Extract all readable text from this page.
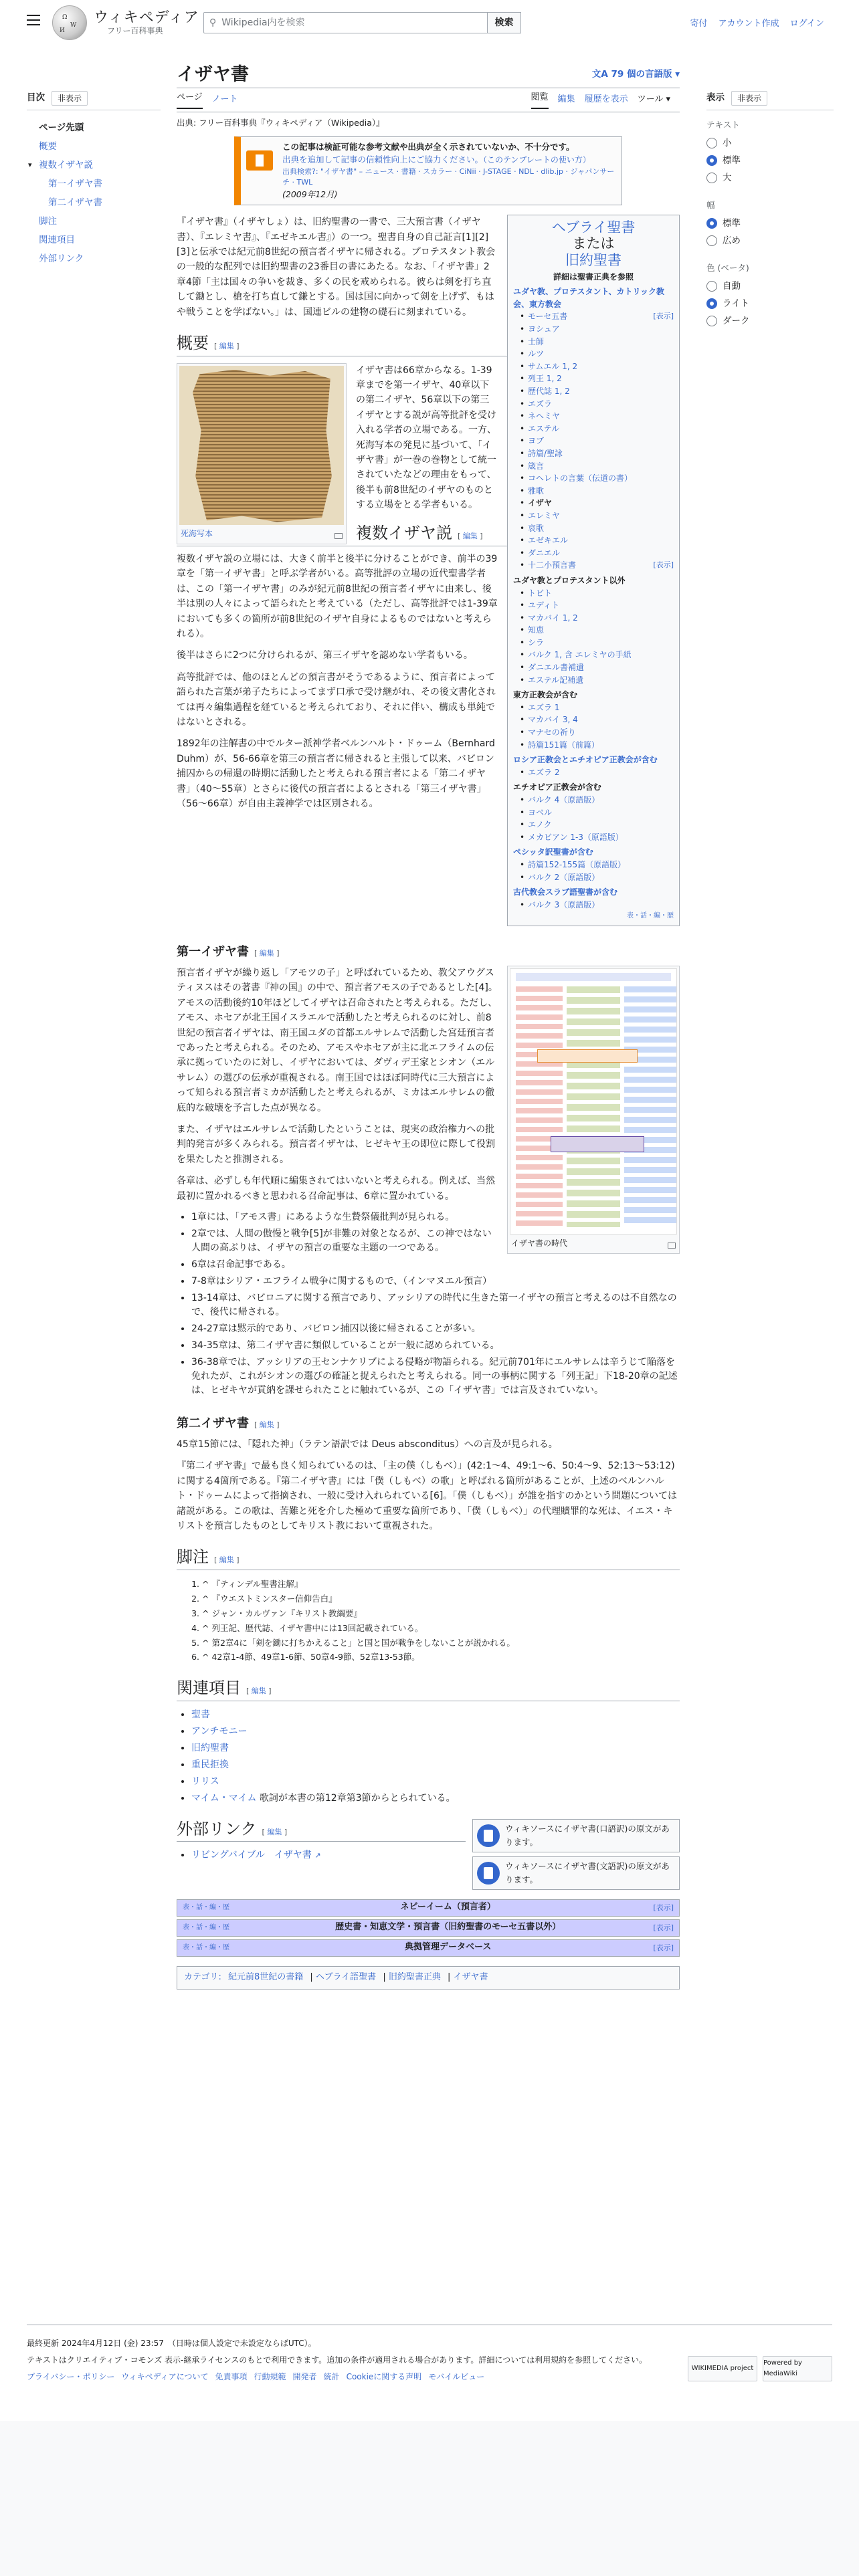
Ω
W
И
ウィキペディア
フリー百科事典
⚲ Wikipedia内を検索	検索	寄付 アカウント作成 ログイン
目次	非表示
ページ先頭
概要
▾ 複数イザヤ説
第一イザヤ書
第二イザヤ書
脚注
関連項目
外部リンク
表示	非表示
テキスト
小
標準
大
幅
標準
広め
色 (ベータ)
自動
ライト
ダーク
イザヤ書	文A 79 個の言語版 ▾
ページ ノート	閲覧 編集 履歴を表示 ツール ▾
出典: フリー百科事典『ウィキペディア（Wikipedia）』
この記事は検証可能な参考文献や出典が全く示されていないか、不十分です。
出典を追加して記事の信頼性向上にご協力ください。（このテンプレートの使い方）
出典検索?: "イザヤ書" – ニュース · 書籍 · スカラー · CiNii · J-STAGE · NDL · dlib.jp · ジャパンサーチ · TWL
(2009年12月)
ヘブライ聖書
または
旧約聖書
詳細は聖書正典を参照
ユダヤ教、プロテスタント、カトリック教会、東方教会
• モーセ五書	[表示]
• ヨシュア
• 士師
• ルツ
• サムエル 1, 2
• 列王 1, 2
• 歴代誌 1, 2
• エズラ
• ネヘミヤ
• エステル
• ヨブ
• 詩篇/聖詠
• 箴言
• コヘレトの言葉（伝道の書）
• 雅歌
• イザヤ
• エレミヤ
• 哀歌
• エゼキエル
• ダニエル
• 十二小預言書	[表示]
ユダヤ教とプロテスタント以外
• トビト
• ユディト
• マカバイ 1, 2
• 知恵
• シラ
• バルク 1, 含 エレミヤの手紙
• ダニエル書補遺
• エステル記補遺
東方正教会が含む
• エズラ 1
• マカバイ 3, 4
• マナセの祈り
• 詩篇151篇（前篇）
ロシア正教会とエチオピア正教会が含む
• エズラ 2
エチオピア正教会が含む
• バルク 4（原語版）
• ヨベル
• エノク
• メカビアン 1-3（原語版）
ペシッタ訳聖書が含む
• 詩篇152-155篇（原語版）
• バルク 2（原語版）
古代教会スラブ語聖書が含む
• バルク 3（原語版）
表・話・編・歴

『イザヤ書』（イザヤしょ）は、旧約聖書の一書で、三大預言書（イザヤ書）、『エレミヤ書』、『エゼキエル書』）の一つ。聖書自身の自己証言[1][2][3]と伝承では紀元前8世紀の預言者イザヤに帰される。プロテスタント教会の一般的な配列では旧約聖書の23番目の書にあたる。なお、「イザヤ書」2章4節「主は国々の争いを裁き、多くの民を戒められる。彼らは剣を打ち直して鋤とし、槍を打ち直して鎌とする。国は国に向かって剣を上げず、もはや戦うことを学ばない。」は、国連ビルの建物の礎石に刻まれている。

概要 [ 編集 ]
死海写本

イザヤ書は66章からなる。1-39章までを第一イザヤ、40章以下の第二イザヤ、56章以下の第三イザヤとする説が高等批評を受け入れる学者の立場である。一方、死海写本の発見に基づいて、「イザヤ書」が一巻の巻物として統一されていたなどの理由をもって、後半も前8世紀のイザヤのものとする立場をとる学者もいる。

複数イザヤ説 [ 編集 ]

複数イザヤ説の立場には、大きく前半と後半に分けることができ、前半の39章を「第一イザヤ書」と呼ぶ学者がいる。高等批評の立場の近代聖書学者は、この「第一イザヤ書」のみが紀元前8世紀の預言者イザヤに由来し、後半は別の人々によって語られたと考えている（ただし、高等批評では1-39章においても多くの箇所が前8世紀のイザヤ自身によるものではないと考えられる）。

後半はさらに2つに分けられるが、第三イザヤを認めない学者もいる。

高等批評では、他のほとんどの預言書がそうであるように、預言者によって語られた言葉が弟子たちによってまず口承で受け継がれ、その後文書化されては再々編集過程を経ていると考えられており、それに伴い、構成も単純ではないとされる。

1892年の注解書の中でルター派神学者ベルンハルト・ドゥーム（Bernhard Duhm）が、56-66章を第三の預言者に帰されると主張して以来、バビロン捕囚からの帰還の時期に活動したと考えられる預言者による「第二イザヤ書」（40〜55章）とさらに後代の預言者によるとされる「第三イザヤ書」（56〜66章）が自由主義神学では区別される。

第一イザヤ書 [ 編集 ]
イザヤ書の時代

預言者イザヤが繰り返し「アモツの子」と呼ばれているため、教父アウグスティヌスはその著書『神の国』の中で、預言者アモスの子であるとした[4]。アモスの活動後約10年ほどしてイザヤは召命されたと考えられる。ただし、アモス、ホセアが北王国イスラエルで活動したと考えられるのに対し、前8世紀の預言者イザヤは、南王国ユダの首都エルサレムで活動した宮廷預言者であったと考えられる。そのため、アモスやホセアが主に北エフライムの伝承に拠っていたのに対し、イザヤにおいては、ダヴィデ王家とシオン（エルサレム）の選びの伝承が重視される。南王国ではほぼ同時代に三大預言によって知られる預言者ミカが活動したと考えられるが、ミカはエルサレムの徹底的な破壊を予言した点が異なる。

また、イザヤはエルサレムで活動したということは、現実の政治権力への批判的発言が多くみられる。預言者イザヤは、ヒゼキヤ王の即位に際して役割を果たしたと推測される。

各章は、必ずしも年代順に編集されてはいないと考えられる。例えば、当然最初に置かれるべきと思われる召命記事は、6章に置かれている。

• 1章には、「アモス書」にあるような生贄祭儀批判が見られる。
• 2章では、人間の傲慢と戦争[5]が非難の対象となるが、この神ではない人間の高ぶりは、イザヤの預言の重要な主題の一つである。
• 6章は召命記事である。
• 7-8章はシリア・エフライム戦争に関するもので、（インマヌエル預言）
• 13-14章は、バビロニアに関する預言であり、アッシリアの時代に生きた第一イザヤの預言と考えるのは不自然なので、後代に帰される。
• 24-27章は黙示的であり、バビロン捕囚以後に帰されることが多い。
• 34-35章は、第二イザヤ書に類似していることが一般に認められている。
• 36-38章では、アッシリアの王センナケリブによる侵略が物語られる。紀元前701年にエルサレムは辛うじて陥落を免れたが、これがシオンの選びの確証と捉えられたと考えられる。同一の事柄に関する「列王記」下18-20章の記述は、ヒゼキヤが貢納を課せられたことに触れているが、この「イザヤ書」では言及されていない。
第二イザヤ書 [ 編集 ]

45章15節には、「隠れた神」（ラテン語訳では Deus absconditus）への言及が見られる。

『第二イザヤ書』で最も良く知られているのは、「主の僕（しもべ）」(42:1〜4、49:1〜6、50:4〜9、52:13〜53:12) に関する4箇所である。『第二イザヤ書』には「僕（しもべ）の歌」と呼ばれる箇所があることが、上述のベルンハルト・ドゥームによって指摘され、一般に受け入れられている[6]。「僕（しもべ）」が誰を指すのかという問題については諸説がある。この歌は、苦難と死を介した極めて重要な箇所であり、「僕（しもべ）」の代理贖罪的な死は、イエス・キリストを預言したものとしてキリスト教において重視された。

脚注 [ 編集 ]
1. ^ 『ティンデル聖書注解』
2. ^ 『ウエストミンスター信仰告白』
3. ^ ジャン・カルヴァン『キリスト教綱要』
4. ^ 列王記、歴代誌、イザヤ書中には13回記載されている。
5. ^ 第2章4に「剣を鋤に打ちかえること」と国と国が戦争をしないことが説かれる。
6. ^ 42章1-4節、49章1-6節、50章4-9節、52章13-53節。
関連項目 [ 編集 ]
• 聖書
• アンチモニー
• 旧約聖書
• 重民拒換
• リリス
• マイム・マイム 歌詞が本書の第12章第3節からとられている。
ウィキソースにイザヤ書(口語訳)の原文があります。
ウィキソースにイザヤ書(文語訳)の原文があります。
外部リンク [ 編集 ]
• リビングバイブル　イザヤ書 ↗
表・話・編・歴	ネビーイーム（預言者）	[表示]
表・話・編・歴	歴史書・知恵文学・預言書（旧約聖書のモーセ五書以外）	[表示]
表・話・編・歴	典拠管理データベース	[表示]
カテゴリ: 紀元前8世紀の書籍 | ヘブライ語聖書 | 旧約聖書正典 | イザヤ書

最終更新 2024年4月12日 (金) 23:57　（日時は個人設定で未設定ならばUTC）。

テキストはクリエイティブ・コモンズ 表示-継承ライセンスのもとで利用できます。追加の条件が適用される場合があります。詳細については利用規約を参照してください。

プライバシー・ポリシー ウィキペディアについて 免責事項 行動規範 開発者 統計 Cookieに関する声明 モバイルビュー
WIKIMEDIA project
Powered by MediaWiki
